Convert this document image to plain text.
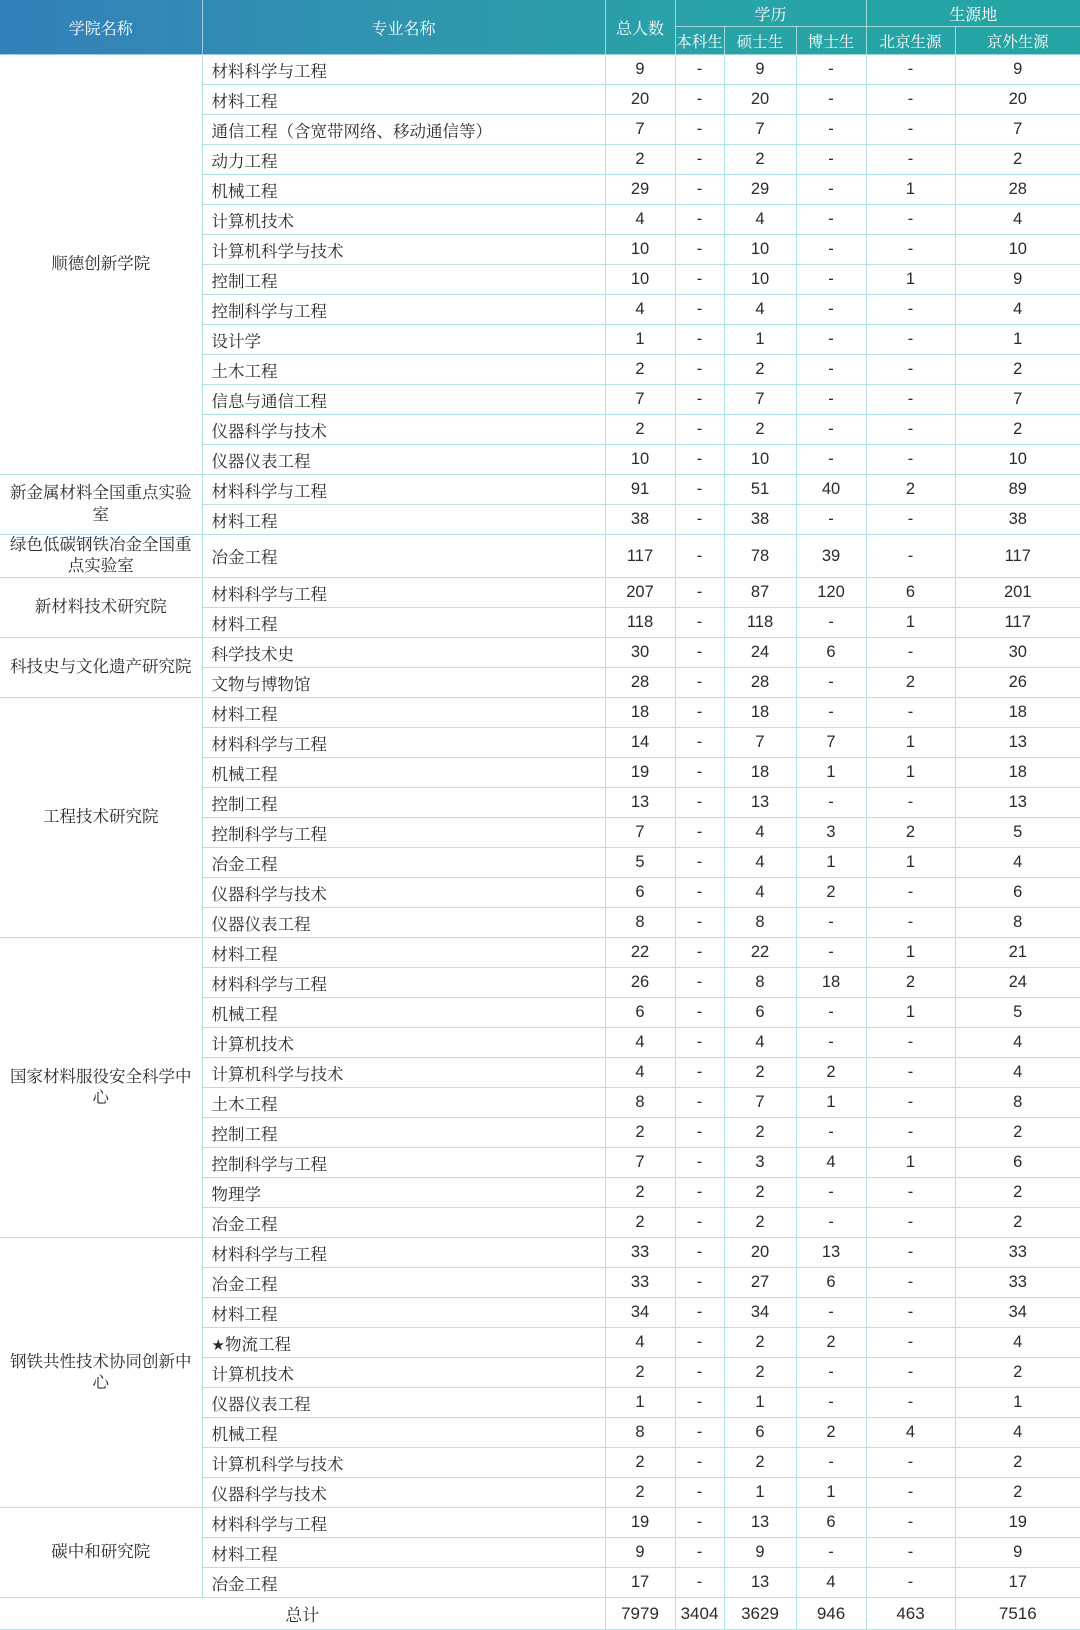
学院名称	专业名称	总人数	学历			生源地	
			本科生	硕士生	博士生	北京生源	京外生源
顺德创新学院	材料科学与工程	9	-	9	-	-	9
	材料工程	20	-	20	-	-	20
	通信工程（含宽带网络、移动通信等）	7	-	7	-	-	7
	动力工程	2	-	2	-	-	2
	机械工程	29	-	29	-	1	28
	计算机技术	4	-	4	-	-	4
	计算机科学与技术	10	-	10	-	-	10
	控制工程	10	-	10	-	1	9
	控制科学与工程	4	-	4	-	-	4
	设计学	1	-	1	-	-	1
	土木工程	2	-	2	-	-	2
	信息与通信工程	7	-	7	-	-	7
	仪器科学与技术	2	-	2	-	-	2
	仪器仪表工程	10	-	10	-	-	10
新金属材料全国重点实验室	材料科学与工程	91	-	51	40	2	89
	材料工程	38	-	38	-	-	38
绿色低碳钢铁冶金全国重点实验室	冶金工程	117	-	78	39	-	117
新材料技术研究院	材料科学与工程	207	-	87	120	6	201
	材料工程	118	-	118	-	1	117
科技史与文化遗产研究院	科学技术史	30	-	24	6	-	30
	文物与博物馆	28	-	28	-	2	26
工程技术研究院	材料工程	18	-	18	-	-	18
	材料科学与工程	14	-	7	7	1	13
	机械工程	19	-	18	1	1	18
	控制工程	13	-	13	-	-	13
	控制科学与工程	7	-	4	3	2	5
	冶金工程	5	-	4	1	1	4
	仪器科学与技术	6	-	4	2	-	6
	仪器仪表工程	8	-	8	-	-	8
国家材料服役安全科学中心	材料工程	22	-	22	-	1	21
	材料科学与工程	26	-	8	18	2	24
	机械工程	6	-	6	-	1	5
	计算机技术	4	-	4	-	-	4
	计算机科学与技术	4	-	2	2	-	4
	土木工程	8	-	7	1	-	8
	控制工程	2	-	2	-	-	2
	控制科学与工程	7	-	3	4	1	6
	物理学	2	-	2	-	-	2
	冶金工程	2	-	2	-	-	2
钢铁共性技术协同创新中心	材料科学与工程	33	-	20	13	-	33
	冶金工程	33	-	27	6	-	33
	材料工程	34	-	34	-	-	34
	★物流工程	4	-	2	2	-	4
	计算机技术	2	-	2	-	-	2
	仪器仪表工程	1	-	1	-	-	1
	机械工程	8	-	6	2	4	4
	计算机科学与技术	2	-	2	-	-	2
	仪器科学与技术	2	-	1	1	-	2
碳中和研究院	材料科学与工程	19	-	13	6	-	19
	材料工程	9	-	9	-	-	9
	冶金工程	17	-	13	4	-	17
总计		7979	3404	3629	946	463	7516
